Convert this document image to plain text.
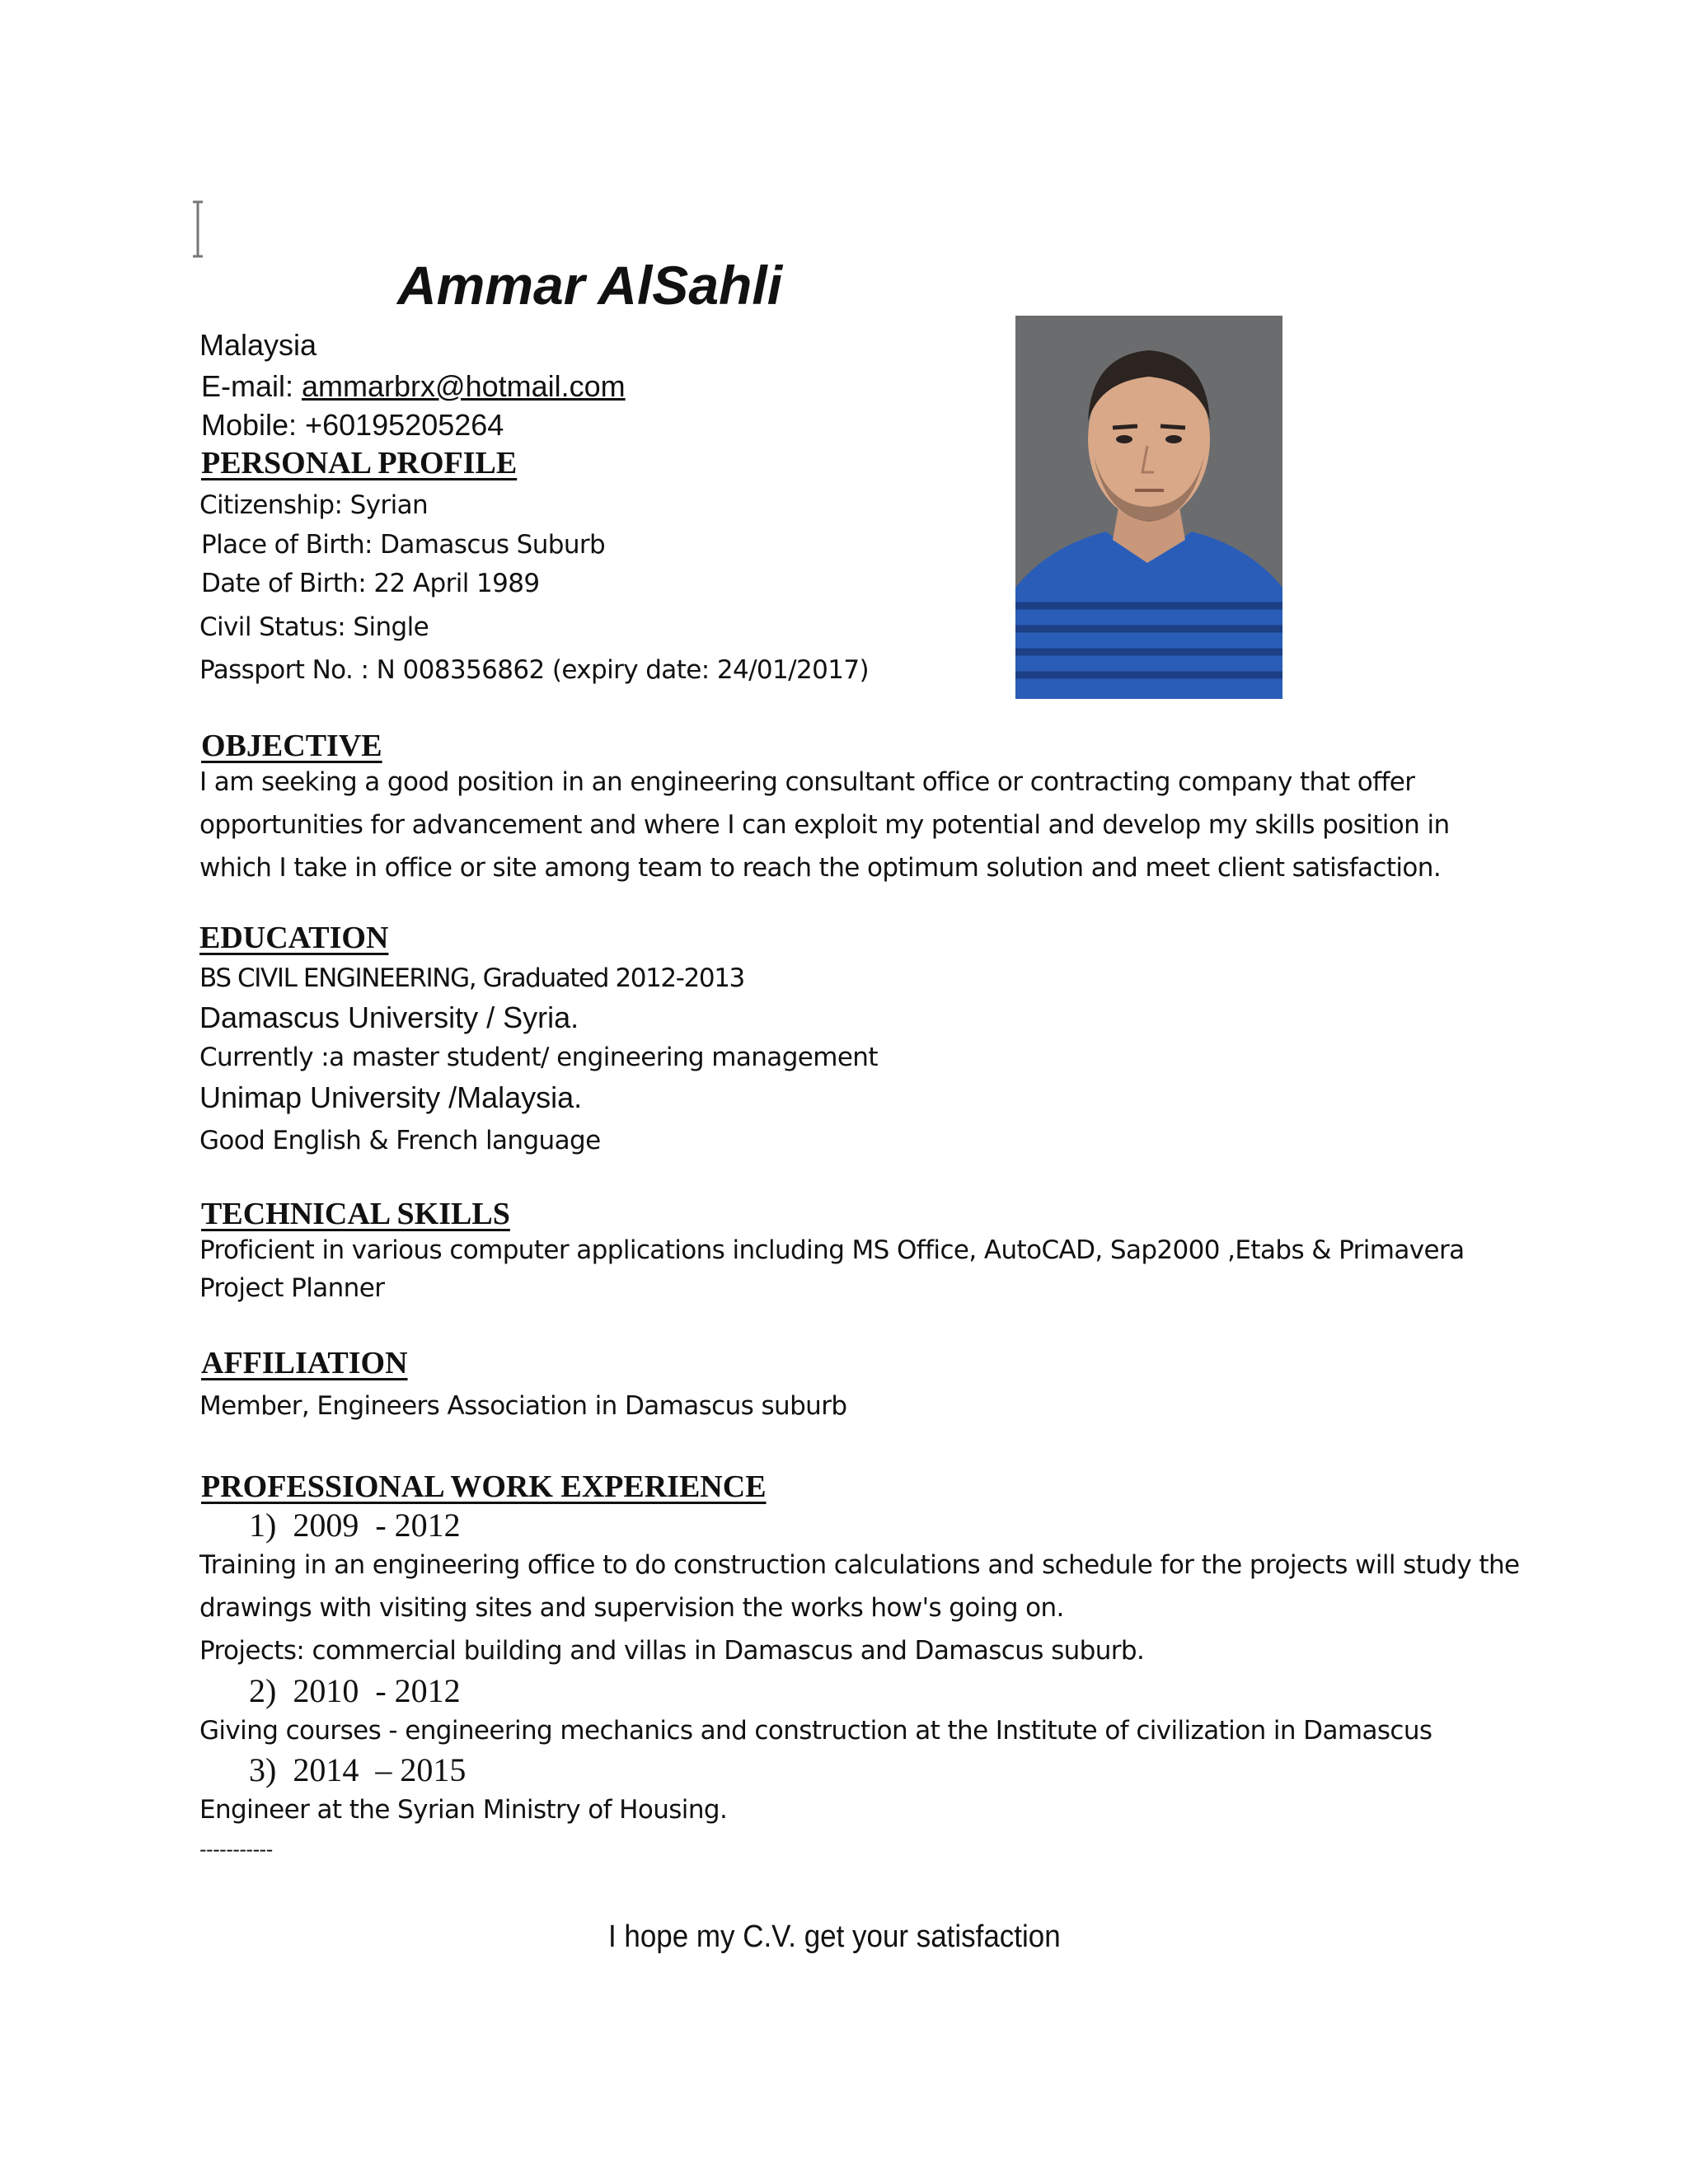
Ammar AlSahli
Malaysia
E-mail: ammarbrx@hotmail.com
Mobile: +60195205264
PERSONAL PROFILE
Citizenship: Syrian
Place of Birth: Damascus Suburb
Date of Birth: 22 April 1989
Civil Status: Single
Passport No. : N 008356862 (expiry date: 24/01/2017)
OBJECTIVE
I am seeking a good position in an engineering consultant office or contracting company that offer opportunities for advancement and where I can exploit my potential and develop my skills position in which I take in office or site among team to reach the optimum solution and meet client satisfaction.
EDUCATION
BS CIVIL ENGINEERING, Graduated 2012-2013
Damascus University / Syria.
Currently :a master student/ engineering management
Unimap University /Malaysia.
Good English & French language
TECHNICAL SKILLS
Proficient in various computer applications including MS Office, AutoCAD, Sap2000 ,Etabs & Primavera Project Planner
AFFILIATION
Member, Engineers Association in Damascus suburb
PROFESSIONAL WORK EXPERIENCE
1)  2009  - 2012
Training in an engineering office to do construction calculations and schedule for the projects will study the
drawings with visiting sites and supervision the works how's going on.
Projects: commercial building and villas in Damascus and Damascus suburb.
2)  2010  - 2012
Giving courses - engineering mechanics and construction at the Institute of civilization in Damascus
3)  2014  – 2015
Engineer at the Syrian Ministry of Housing.
-----------
I hope my C.V. get your satisfaction
